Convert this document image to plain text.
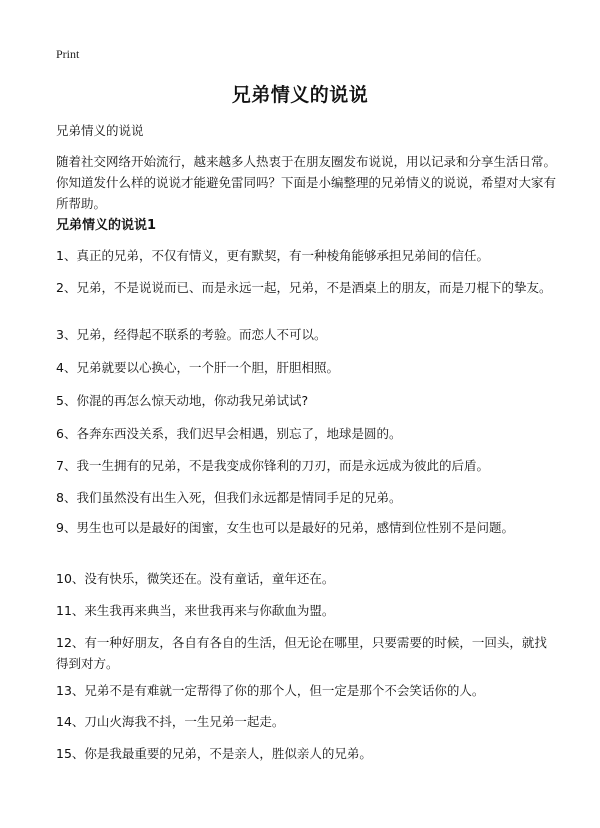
Print
兄弟情义的说说
兄弟情义的说说
随着社交网络开始流行，越来越多人热衷于在朋友圈发布说说，用以记录和分享生活日常。你知道发什么样的说说才能避免雷同吗？下面是小编整理的兄弟情义的说说，希望对大家有所帮助。
兄弟情义的说说1
1、真正的兄弟，不仅有情义，更有默契，有一种棱角能够承担兄弟间的信任。
2、兄弟，不是说说而已、而是永远一起，兄弟，不是酒桌上的朋友，而是刀棍下的挚友。
3、兄弟，经得起不联系的考验。而恋人不可以。
4、兄弟就要以心换心，一个肝一个胆，肝胆相照。
5、你混的再怎么惊天动地，你动我兄弟试试?
6、各奔东西没关系，我们迟早会相遇，别忘了，地球是圆的。
7、我一生拥有的兄弟，不是我变成你锋利的刀刃，而是永远成为彼此的后盾。
8、我们虽然没有出生入死，但我们永远都是情同手足的兄弟。
9、男生也可以是最好的闺蜜，女生也可以是最好的兄弟，感情到位性别不是问题。
10、没有快乐，微笑还在。没有童话，童年还在。
11、来生我再来典当，来世我再来与你歃血为盟。
12、有一种好朋友，各自有各自的生活，但无论在哪里，只要需要的时候，一回头，就找得到对方。
13、兄弟不是有难就一定帮得了你的那个人，但一定是那个不会笑话你的人。
14、刀山火海我不抖，一生兄弟一起走。
15、你是我最重要的兄弟，不是亲人，胜似亲人的兄弟。
